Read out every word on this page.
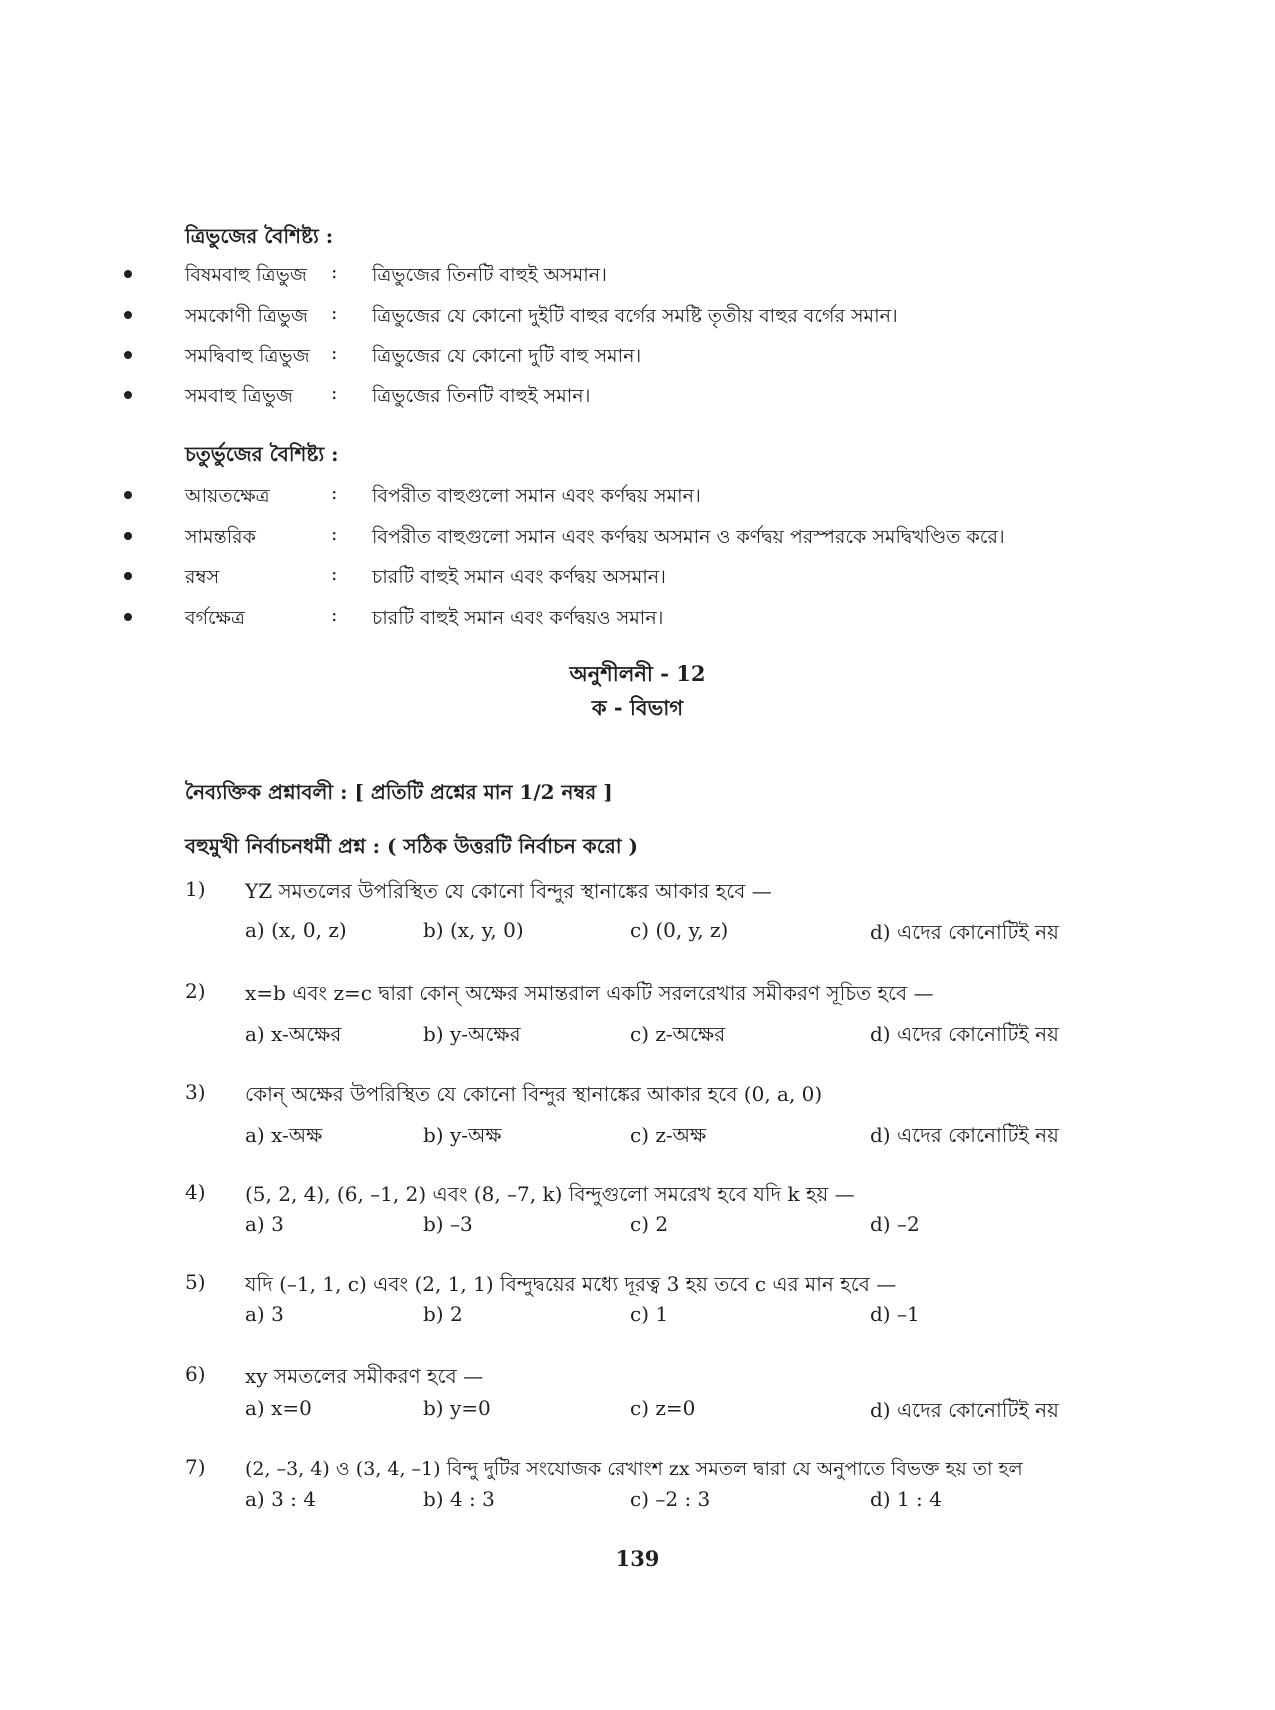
ত্রিভুজের বৈশিষ্ট্য :
বিষমবাহু ত্রিভুজ : ত্রিভুজের তিনটি বাহুই অসমান।
সমকোণী ত্রিভুজ : ত্রিভুজের যে কোনো দুইটি বাহুর বর্গের সমষ্টি তৃতীয় বাহুর বর্গের সমান।
সমদ্বিবাহু ত্রিভুজ : ত্রিভুজের যে কোনো দুটি বাহু সমান।
সমবাহু ত্রিভুজ : ত্রিভুজের তিনটি বাহুই সমান।
চতুর্ভুজের বৈশিষ্ট্য :
আয়তক্ষেত্র	: বিপরীত বাহুগুলো সমান এবং কর্ণদ্বয় সমান।
সামন্তরিক	: বিপরীত বাহুগুলো সমান এবং কর্ণদ্বয় অসমান ও কর্ণদ্বয় পরস্পরকে সমদ্বিখণ্ডিত করে।
রম্বস	: চারটি বাহুই সমান এবং কর্ণদ্বয় অসমান।
বর্গক্ষেত্র	: চারটি বাহুই সমান এবং কর্ণদ্বয়ও সমান।
অনুশীলনী - 12
ক - বিভাগ
নৈব্যক্তিক প্রশ্নাবলী : [ প্রতিটি প্রশ্নের মান 1/2 নম্বর ]
বহুমুখী নির্বাচনধর্মী প্রশ্ন : ( সঠিক উত্তরটি নির্বাচন করো )
1) YZ সমতলের উপরিস্থিত যে কোনো বিন্দুর স্থানাঙ্কের আকার হবে —
a) (x, 0, z)	b) (x, y, 0)	c) (0, y, z)	d) এদের কোনোটিই নয়
2) x=b এবং z=c দ্বারা কোন্ অক্ষের সমান্তরাল একটি সরলরেখার সমীকরণ সূচিত হবে —
a) x-অক্ষের	b) y-অক্ষের	c) z-অক্ষের	d) এদের কোনোটিই নয়
3) কোন্ অক্ষের উপরিস্থিত যে কোনো বিন্দুর স্থানাঙ্কের আকার হবে (0, a, 0)
a) x-অক্ষ	b) y-অক্ষ	c) z-অক্ষ	d) এদের কোনোটিই নয়
4) (5, 2, 4), (6, –1, 2) এবং (8, –7, k) বিন্দুগুলো সমরেখ হবে যদি k হয় —
a) 3	b) –3	c) 2	d) –2
5) যদি (–1, 1, c) এবং (2, 1, 1) বিন্দুদ্বয়ের মধ্যে দূরত্ব 3 হয় তবে c এর মান হবে —
a) 3	b) 2	c) 1	d) –1
6) xy সমতলের সমীকরণ হবে —
a) x=0	b) y=0	c) z=0	d) এদের কোনোটিই নয়
7) (2, –3, 4) ও (3, 4, –1) বিন্দু দুটির সংযোজক রেখাংশ zx সমতল দ্বারা যে অনুপাতে বিভক্ত হয় তা হল
a) 3 : 4	b) 4 : 3	c) –2 : 3	d) 1 : 4
139
